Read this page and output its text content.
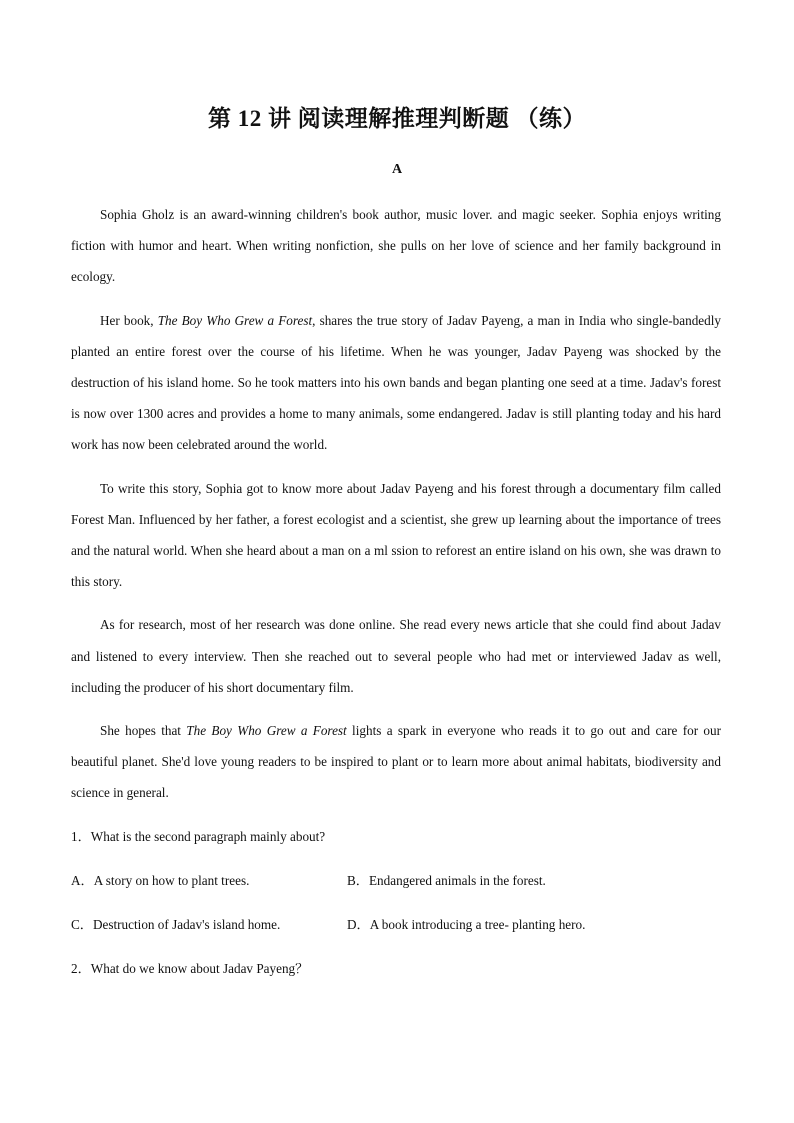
第 12 讲 阅读理解推理判断题 （练）
A

Sophia Gholz is an award-winning children's book author, music lover. and magic seeker. Sophia enjoys writing fiction with humor and heart. When writing nonfiction, she pulls on her love of science and her family background in ecology.

Her book, The Boy Who Grew a Forest, shares the true story of Jadav Payeng, a man in India who single-bandedly planted an entire forest over the course of his lifetime. When he was younger, Jadav Payeng was shocked by the destruction of his island home. So he took matters into his own bands and began planting one seed at a time. Jadav's forest is now over 1300 acres and provides a home to many animals, some endangered. Jadav is still planting today and his hard work has now been celebrated around the world.

To write this story, Sophia got to know more about Jadav Payeng and his forest through a documentary film called Forest Man. Influenced by her father, a forest ecologist and a scientist, she grew up learning about the importance of trees and the natural world. When she heard about a man on a ml ssion to reforest an entire island on his own, she was drawn to this story.

As for research, most of her research was done online. She read every news article that she could find about Jadav and listened to every interview. Then she reached out to several people who had met or interviewed Jadav as well, including the producer of his short documentary film.

She hopes that The Boy Who Grew a Forest lights a spark in everyone who reads it to go out and care for our beautiful planet. She'd love young readers to be inspired to plant or to learn more about animal habitats, biodiversity and science in general.

1．What is the second paragraph mainly about?

A．A story on how to plant trees.	B．Endangered animals in the forest.

C．Destruction of Jadav's island home.	D．A book introducing a tree- planting hero.

2．What do we know about Jadav Payeng？
